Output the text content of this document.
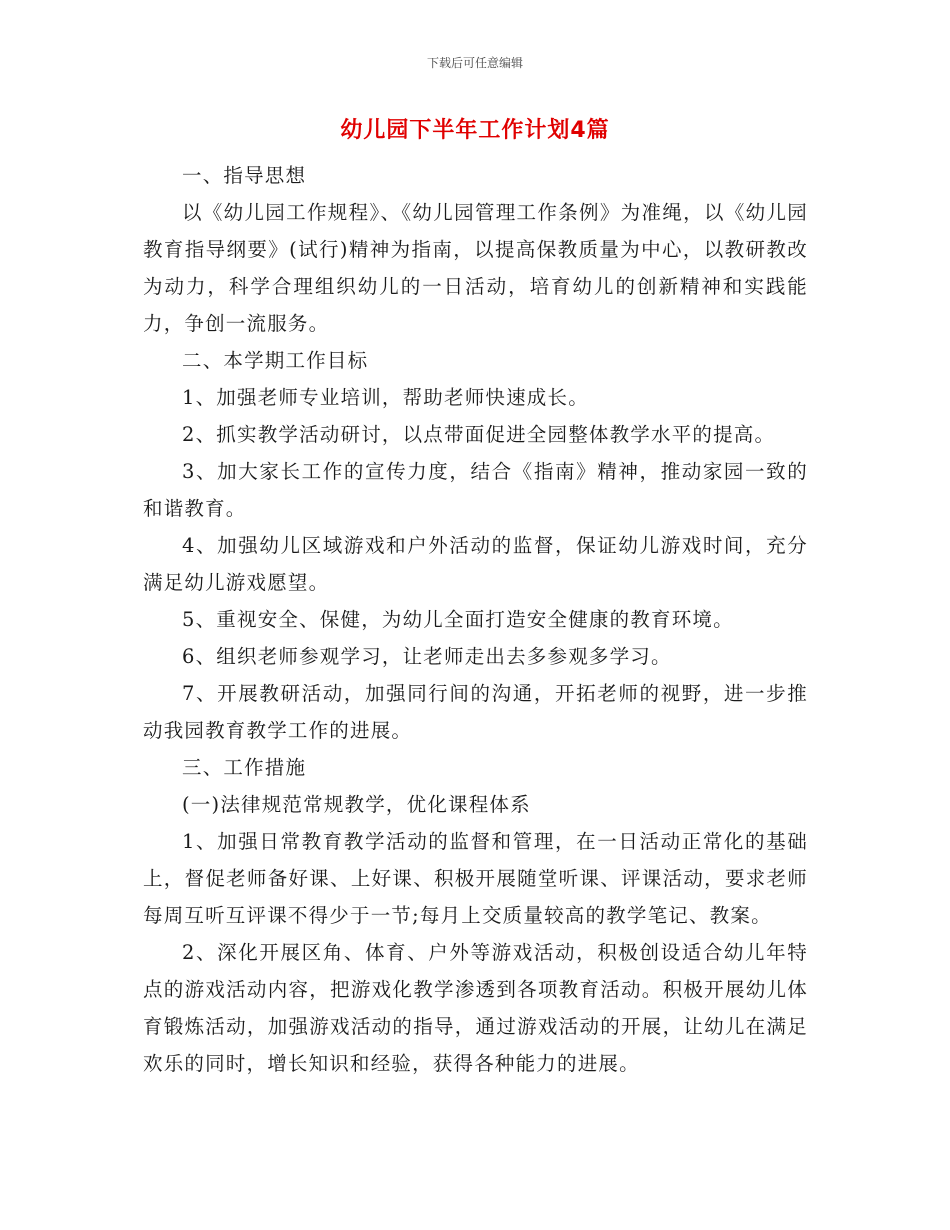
下载后可任意编辑
幼儿园下半年工作计划4篇

一、指导思想

以《幼儿园工作规程》、《幼儿园管理工作条例》为准绳，以《幼儿园教育指导纲要》(试行)精神为指南，以提高保教质量为中心，以教研教改为动力，科学合理组织幼儿的一日活动，培育幼儿的创新精神和实践能力，争创一流服务。

二、本学期工作目标

1、加强老师专业培训，帮助老师快速成长。

2、抓实教学活动研讨，以点带面促进全园整体教学水平的提高。

3、加大家长工作的宣传力度，结合《指南》精神，推动家园一致的和谐教育。

4、加强幼儿区域游戏和户外活动的监督，保证幼儿游戏时间，充分满足幼儿游戏愿望。

5、重视安全、保健，为幼儿全面打造安全健康的教育环境。

6、组织老师参观学习，让老师走出去多参观多学习。

7、开展教研活动，加强同行间的沟通，开拓老师的视野，进一步推动我园教育教学工作的进展。

三、工作措施

(一)法律规范常规教学，优化课程体系

1、加强日常教育教学活动的监督和管理，在一日活动正常化的基础上，督促老师备好课、上好课、积极开展随堂听课、评课活动，要求老师每周互听互评课不得少于一节;每月上交质量较高的教学笔记、教案。

2、深化开展区角、体育、户外等游戏活动，积极创设适合幼儿年特点的游戏活动内容，把游戏化教学渗透到各项教育活动。积极开展幼儿体育锻炼活动，加强游戏活动的指导，通过游戏活动的开展，让幼儿在满足欢乐的同时，增长知识和经验，获得各种能力的进展。
